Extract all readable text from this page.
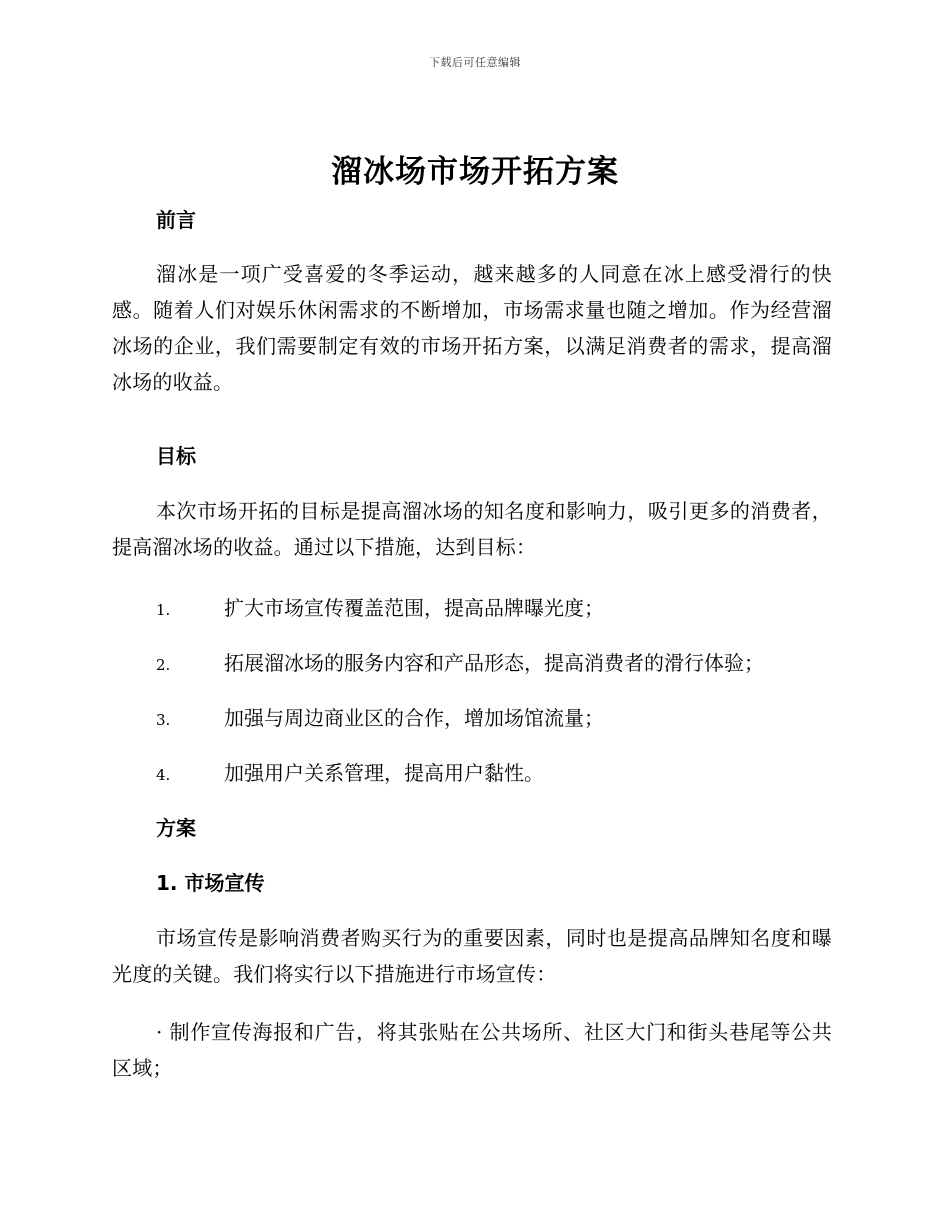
下载后可任意编辑
溜冰场市场开拓方案
前言

溜冰是一项广受喜爱的冬季运动，越来越多的人同意在冰上感受滑行的快感。随着人们对娱乐休闲需求的不断增加，市场需求量也随之增加。作为经营溜冰场的企业，我们需要制定有效的市场开拓方案，以满足消费者的需求，提高溜冰场的收益。

目标

本次市场开拓的目标是提高溜冰场的知名度和影响力，吸引更多的消费者，提高溜冰场的收益。通过以下措施，达到目标：

1.	扩大市场宣传覆盖范围，提高品牌曝光度；
2.	拓展溜冰场的服务内容和产品形态，提高消费者的滑行体验；
3.	加强与周边商业区的合作，增加场馆流量；
4.	加强用户关系管理，提高用户黏性。
方案
1. 市场宣传

市场宣传是影响消费者购买行为的重要因素，同时也是提高品牌知名度和曝光度的关键。我们将实行以下措施进行市场宣传：

· 制作宣传海报和广告，将其张贴在公共场所、社区大门和街头巷尾等公共区域；
